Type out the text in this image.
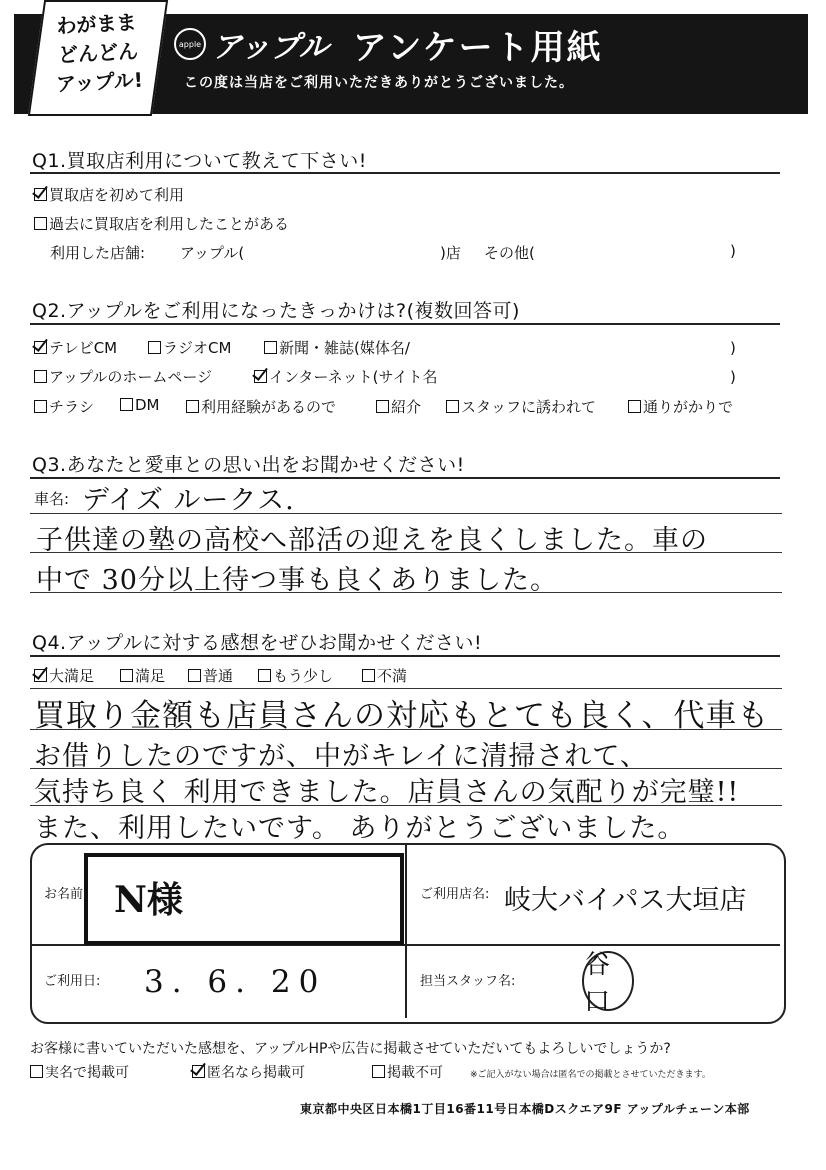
わがまま
どんどん
アップル!
apple アップル アンケート用紙
この度は当店をご利用いただきありがとうございました。
Q1.買取店利用について教えて下さい!
買取店を初めて利用
過去に買取店を利用したことがある
利用した店舗: アップル(	)店 その他(	)
Q2.アップルをご利用になったきっかけは?(複数回答可)
テレビCM	ラジオCM	新聞・雑誌(媒体名/	)
アップルのホームページ	インターネット(サイト名	)
チラシ	DM	利用経験があるので	紹介	スタッフに誘われて	通りがかりで
Q3.あなたと愛車との思い出をお聞かせください!
車名: デイズ ルークス.
子供達の塾の高校へ部活の迎えを良くしました。車の
中で 30分以上待つ事も良くありました。
Q4.アップルに対する感想をぜひお聞かせください!
大満足	満足	普通	もう少し	不満
買取り金額も店員さんの対応もとても良く、代車も
お借りしたのですが、中がキレイに清掃されて、
気持ち良く 利用できました。店員さんの気配りが完璧!!
また、利用したいです。 ありがとうございました。
お名前 N様	ご利用店名: 岐大バイパス大垣店
ご利用日: 3. 6. 20	担当スタッフ名:
谷口
お客様に書いていただいた感想を、アップルHPや広告に掲載させていただいてもよろしいでしょうか?
実名で掲載可	匿名なら掲載可	掲載不可	※ご記入がない場合は匿名での掲載とさせていただきます。
東京都中央区日本橋1丁目16番11号日本橋Dスクエア9F アップルチェーン本部
